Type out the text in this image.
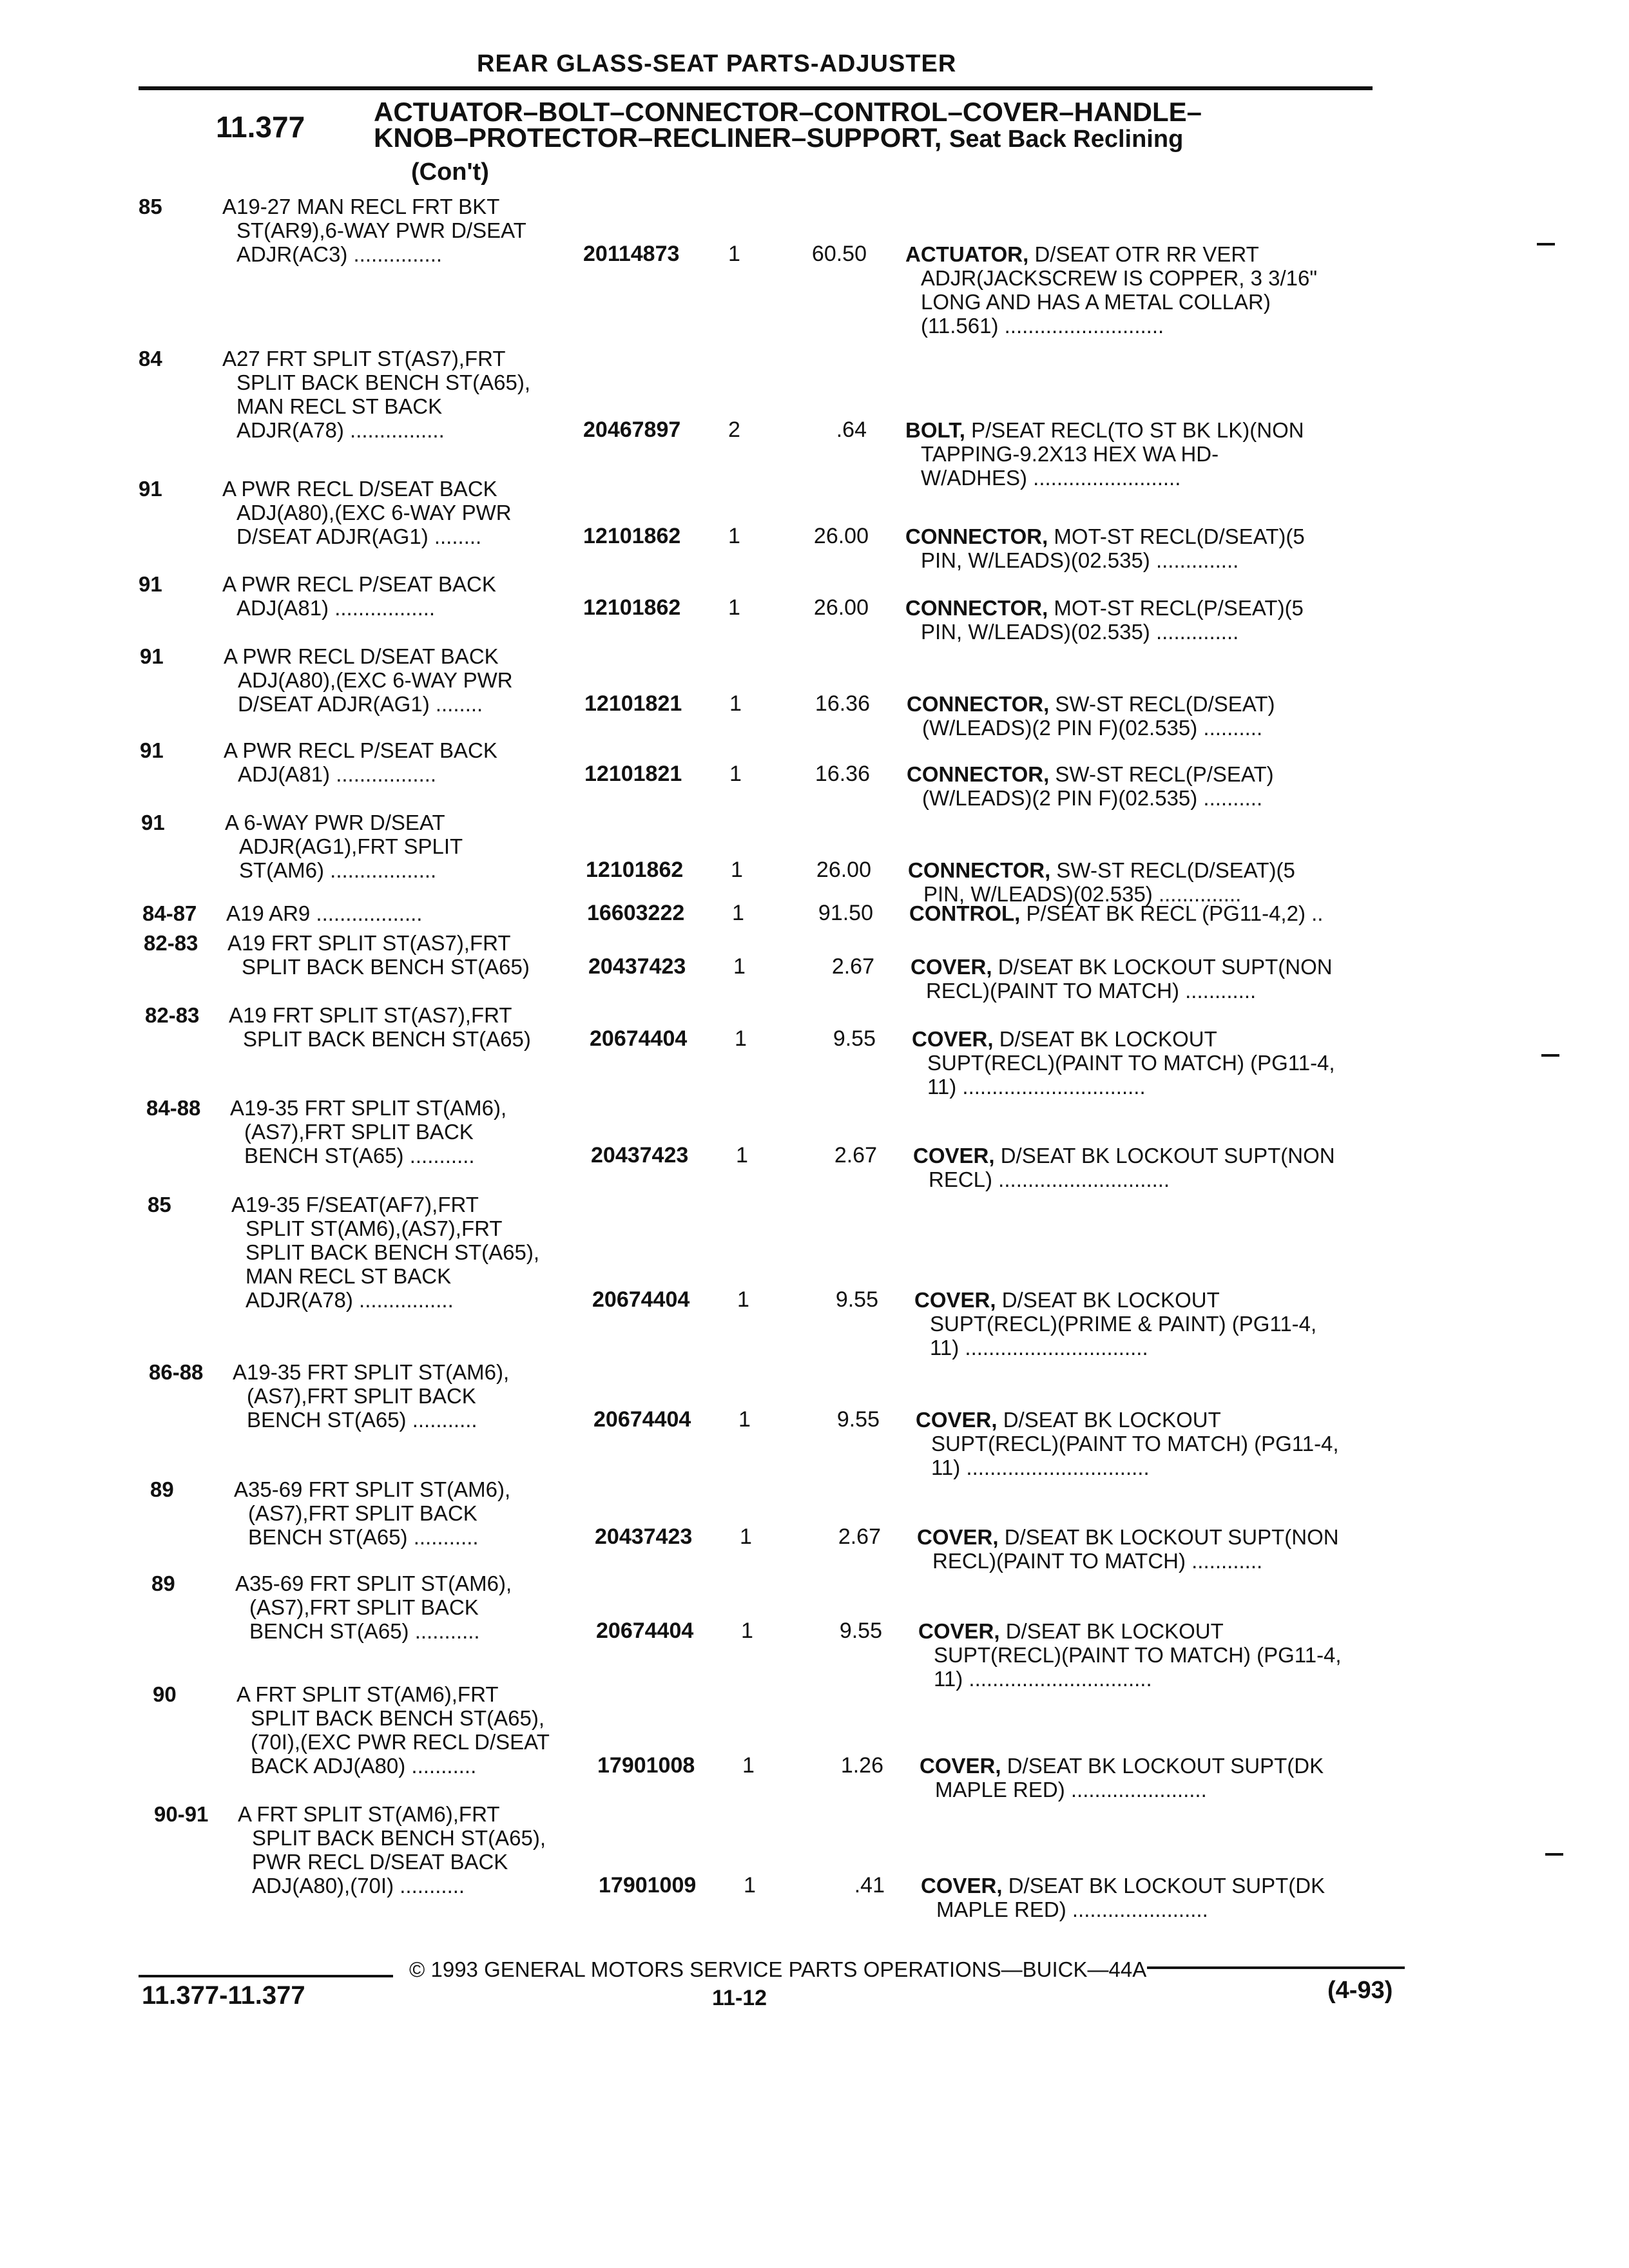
REAR GLASS-SEAT PARTS-ADJUSTER
11.377	ACTUATOR–BOLT–CONNECTOR–CONTROL–COVER–HANDLE–
KNOB–PROTECTOR–RECLINER–SUPPORT, Seat Back Reclining
(Con't)
85	A19-27 MAN RECL FRT BKT
ST(AR9),6-WAY PWR D/SEAT
ADJR(AC3) ...............	20114873 1	60.50 ACTUATOR, D/SEAT OTR RR VERT
ADJR(JACKSCREW IS COPPER, 3 3/16"
LONG AND HAS A METAL COLLAR)
(11.561) ...........................
84	A27 FRT SPLIT ST(AS7),FRT
SPLIT BACK BENCH ST(A65),
MAN RECL ST BACK
ADJR(A78) ................	20467897 2	.64 BOLT, P/SEAT RECL(TO ST BK LK)(NON
TAPPING-9.2X13 HEX WA HD-
W/ADHES) .........................
91	A PWR RECL D/SEAT BACK
ADJ(A80),(EXC 6-WAY PWR
D/SEAT ADJR(AG1) ........	12101862 1	26.00 CONNECTOR, MOT-ST RECL(D/SEAT)(5
PIN, W/LEADS)(02.535) ..............
91	A PWR RECL P/SEAT BACK
ADJ(A81) .................	12101862 1	26.00 CONNECTOR, MOT-ST RECL(P/SEAT)(5
PIN, W/LEADS)(02.535) ..............
91	A PWR RECL D/SEAT BACK
ADJ(A80),(EXC 6-WAY PWR
D/SEAT ADJR(AG1) ........	12101821 1	16.36 CONNECTOR, SW-ST RECL(D/SEAT)
(W/LEADS)(2 PIN F)(02.535) ..........
91	A PWR RECL P/SEAT BACK
ADJ(A81) .................	12101821 1	16.36 CONNECTOR, SW-ST RECL(P/SEAT)
(W/LEADS)(2 PIN F)(02.535) ..........
91	A 6-WAY PWR D/SEAT
ADJR(AG1),FRT SPLIT
ST(AM6) ..................	12101862 1	26.00 CONNECTOR, SW-ST RECL(D/SEAT)(5
PIN, W/LEADS)(02.535) ..............
84-87 A19 AR9 ..................	16603222 1	91.50 CONTROL, P/SEAT BK RECL (PG11-4,2) ..
82-83 A19 FRT SPLIT ST(AS7),FRT
SPLIT BACK BENCH ST(A65)	20437423 1	2.67 COVER, D/SEAT BK LOCKOUT SUPT(NON
RECL)(PAINT TO MATCH) ............
82-83 A19 FRT SPLIT ST(AS7),FRT
SPLIT BACK BENCH ST(A65)	20674404 1	9.55 COVER, D/SEAT BK LOCKOUT
SUPT(RECL)(PAINT TO MATCH) (PG11-4,
11) ...............................
84-88 A19-35 FRT SPLIT ST(AM6),
(AS7),FRT SPLIT BACK
BENCH ST(A65) ...........	20437423 1	2.67 COVER, D/SEAT BK LOCKOUT SUPT(NON
RECL) .............................
85	A19-35 F/SEAT(AF7),FRT
SPLIT ST(AM6),(AS7),FRT
SPLIT BACK BENCH ST(A65),
MAN RECL ST BACK
ADJR(A78) ................	20674404 1	9.55 COVER, D/SEAT BK LOCKOUT
SUPT(RECL)(PRIME & PAINT) (PG11-4,
11) ...............................
86-88 A19-35 FRT SPLIT ST(AM6),
(AS7),FRT SPLIT BACK
BENCH ST(A65) ...........	20674404 1	9.55 COVER, D/SEAT BK LOCKOUT
SUPT(RECL)(PAINT TO MATCH) (PG11-4,
11) ...............................
89	A35-69 FRT SPLIT ST(AM6),
(AS7),FRT SPLIT BACK
BENCH ST(A65) ...........	20437423 1	2.67 COVER, D/SEAT BK LOCKOUT SUPT(NON
RECL)(PAINT TO MATCH) ............
89	A35-69 FRT SPLIT ST(AM6),
(AS7),FRT SPLIT BACK
BENCH ST(A65) ...........	20674404 1	9.55 COVER, D/SEAT BK LOCKOUT
SUPT(RECL)(PAINT TO MATCH) (PG11-4,
11) ...............................
90	A FRT SPLIT ST(AM6),FRT
SPLIT BACK BENCH ST(A65),
(70I),(EXC PWR RECL D/SEAT
BACK ADJ(A80) ...........	17901008 1	1.26 COVER, D/SEAT BK LOCKOUT SUPT(DK
MAPLE RED) .......................
90-91 A FRT SPLIT ST(AM6),FRT
SPLIT BACK BENCH ST(A65),
PWR RECL D/SEAT BACK
ADJ(A80),(70I) ...........	17901009 1	.41 COVER, D/SEAT BK LOCKOUT SUPT(DK
MAPLE RED) .......................
© 1993 GENERAL MOTORS SERVICE PARTS OPERATIONS—BUICK—44A
11.377-11.377	11-12	(4-93)
